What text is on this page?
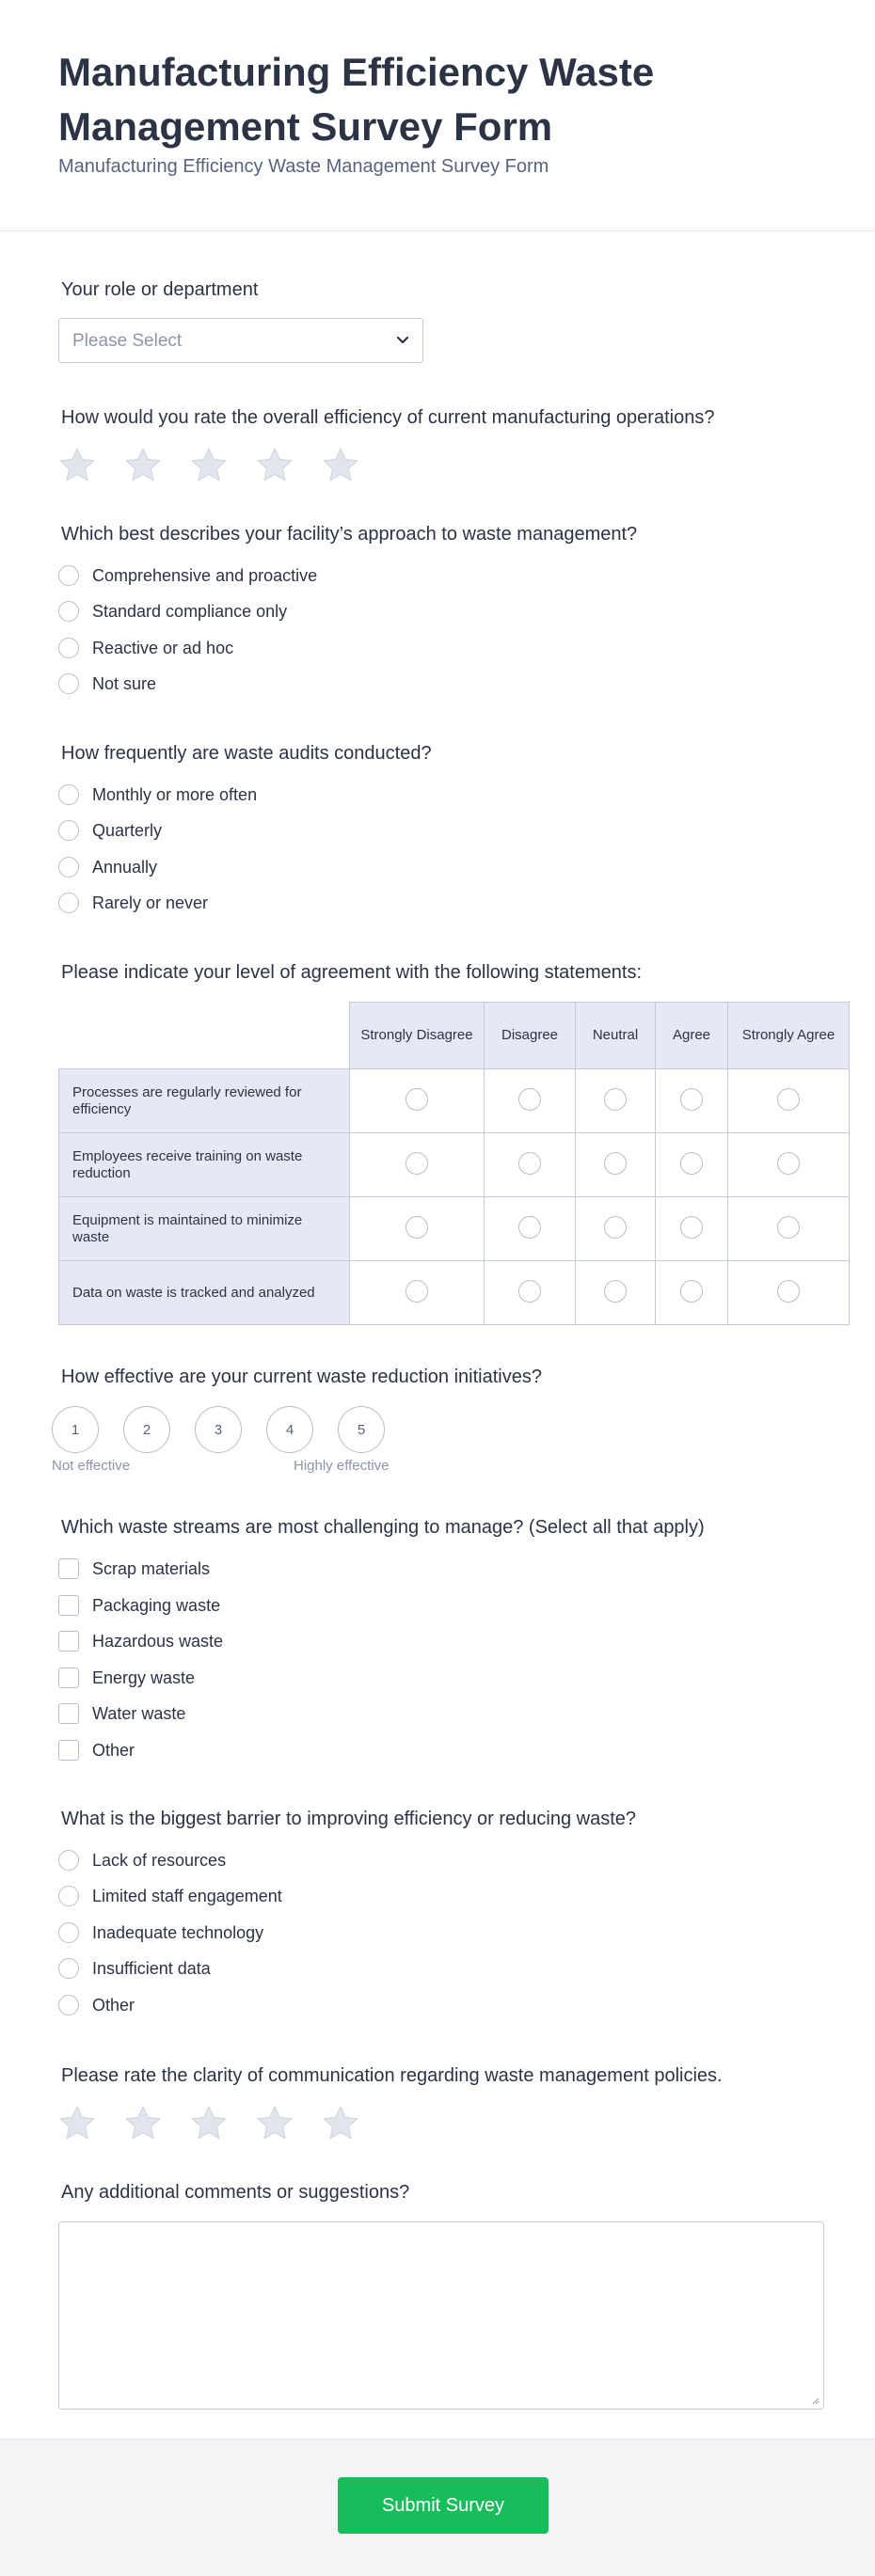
Manufacturing Efficiency Waste Management Survey Form
Manufacturing Efficiency Waste Management Survey Form
Your role or department
Please Select
How would you rate the overall efficiency of current manufacturing operations?
Which best describes your facility’s approach to waste management?
Comprehensive and proactive
Standard compliance only
Reactive or ad hoc
Not sure
How frequently are waste audits conducted?
Monthly or more often
Quarterly
Annually
Rarely or never
Please indicate your level of agreement with the following statements:
	Strongly Disagree	Disagree	Neutral	Agree	Strongly Agree
Processes are regularly reviewed for efficiency					
Employees receive training on waste reduction					
Equipment is maintained to minimize waste					
Data on waste is tracked and analyzed					
How effective are your current waste reduction initiatives?
1	2	3	4	5
Not effective	Highly effective
Which waste streams are most challenging to manage? (Select all that apply)
Scrap materials
Packaging waste
Hazardous waste
Energy waste
Water waste
Other
What is the biggest barrier to improving efficiency or reducing waste?
Lack of resources
Limited staff engagement
Inadequate technology
Insufficient data
Other
Please rate the clarity of communication regarding waste management policies.
Any additional comments or suggestions?
Submit Survey
